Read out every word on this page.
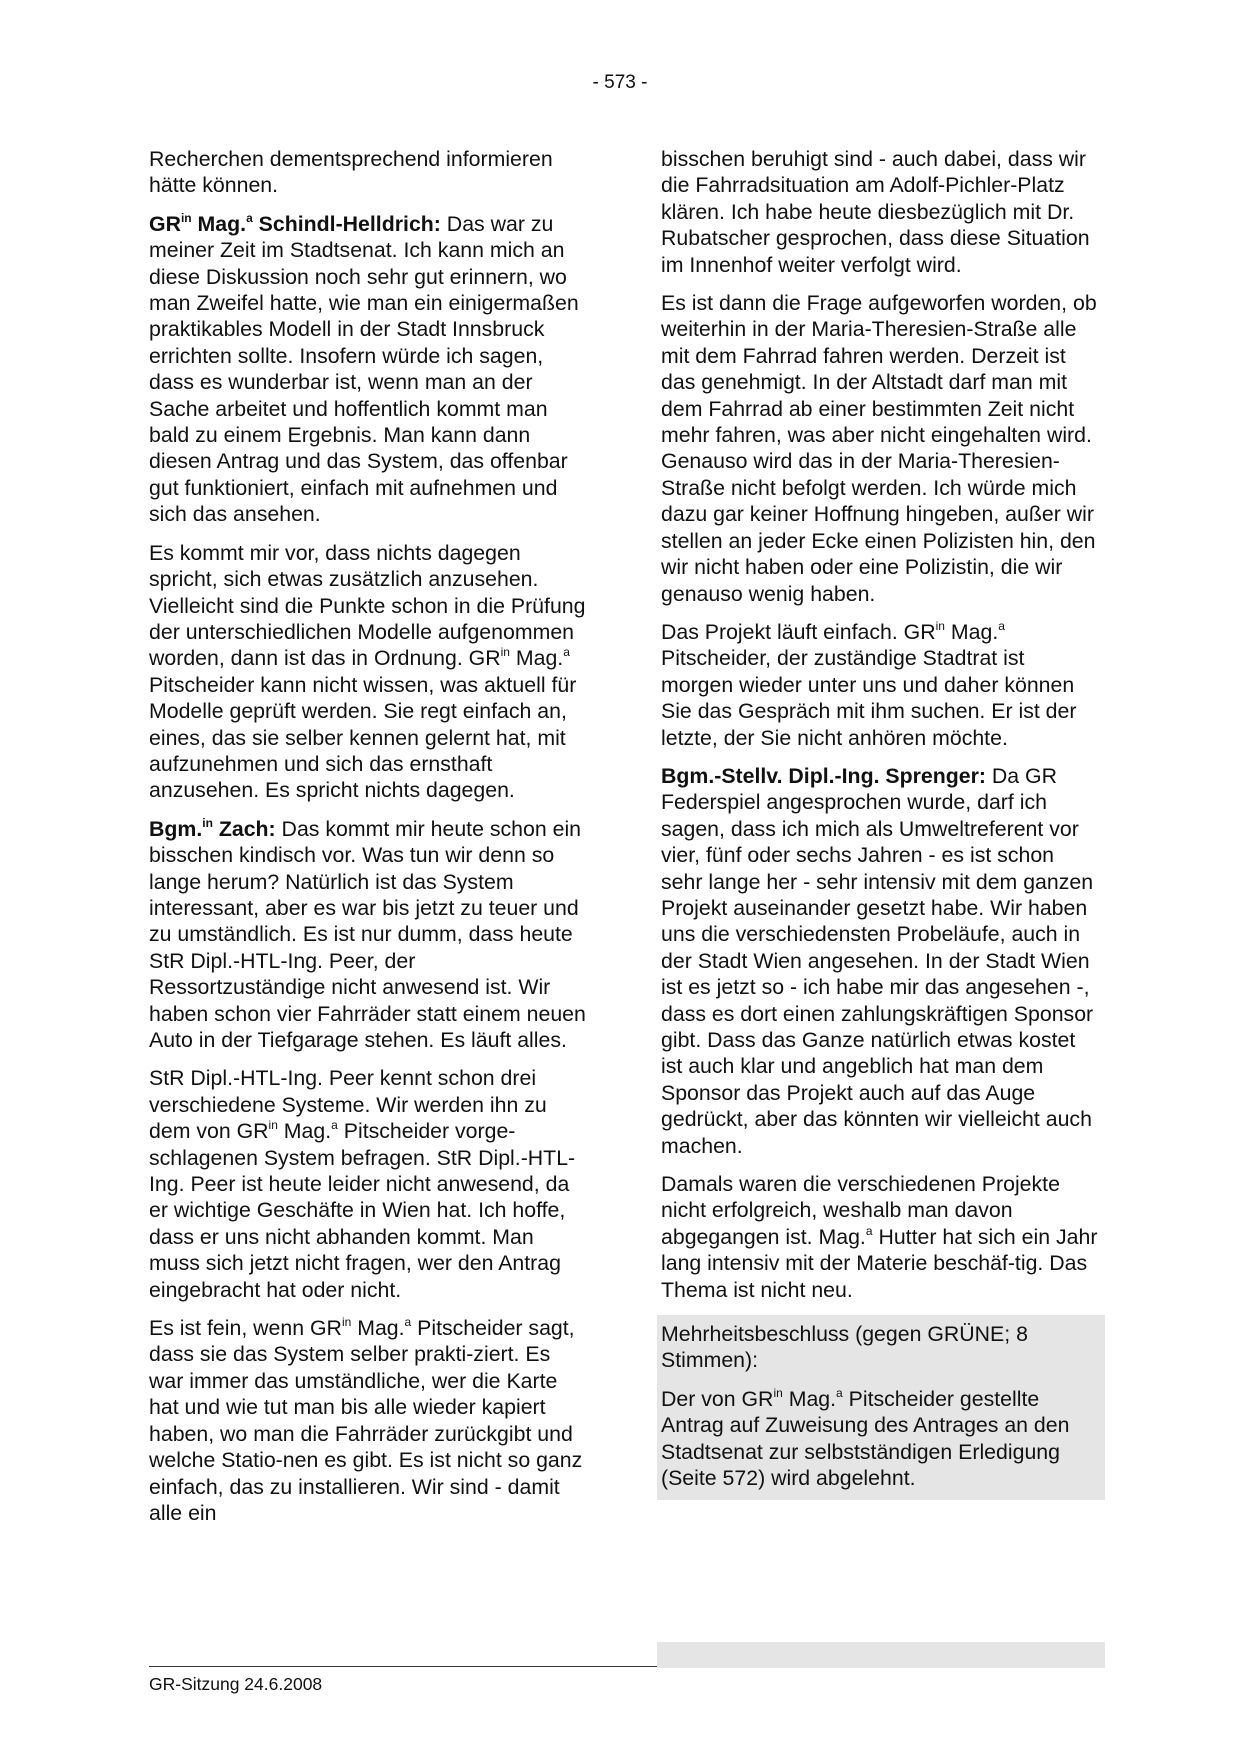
- 573 -

Recherchen dementsprechend informieren hätte können.

$GR^{in}$ Mag.$^a$ Schindl-Helldrich: Das war zu meiner Zeit im Stadtsenat. Ich kann mich an diese Diskussion noch sehr gut erinnern, wo man Zweifel hatte, wie man ein einigermaßen praktikables Modell in der Stadt Innsbruck errichten sollte. Insofern würde ich sagen, dass es wunderbar ist, wenn man an der Sache arbeitet und hoffentlich kommt man bald zu einem Ergebnis. Man kann dann diesen Antrag und das System, das offenbar gut funktioniert, einfach mit aufnehmen und sich das ansehen.

Es kommt mir vor, dass nichts dagegen spricht, sich etwas zusätzlich anzusehen. Vielleicht sind die Punkte schon in die Prüfung der unterschiedlichen Modelle aufgenommen worden, dann ist das in Ordnung. $GR^{in}$ Mag.$^a$ Pitscheider kann nicht wissen, was aktuell für Modelle geprüft werden. Sie regt einfach an, eines, das sie selber kennen gelernt hat, mit aufzunehmen und sich das ernsthaft anzusehen. Es spricht nichts dagegen.

Bgm.$^{in}$ Zach: Das kommt mir heute schon ein bisschen kindisch vor. Was tun wir denn so lange herum? Natürlich ist das System interessant, aber es war bis jetzt zu teuer und zu umständlich. Es ist nur dumm, dass heute StR Dipl.-HTL-Ing. Peer, der Ressortzuständige nicht anwesend ist. Wir haben schon vier Fahrräder statt einem neuen Auto in der Tiefgarage stehen. Es läuft alles.

StR Dipl.-HTL-Ing. Peer kennt schon drei verschiedene Systeme. Wir werden ihn zu dem von $GR^{in}$ Mag.$^a$ Pitscheider vorge-schlagenen System befragen. StR Dipl.-HTL-Ing. Peer ist heute leider nicht anwesend, da er wichtige Geschäfte in Wien hat. Ich hoffe, dass er uns nicht abhanden kommt. Man muss sich jetzt nicht fragen, wer den Antrag eingebracht hat oder nicht.

Es ist fein, wenn $GR^{in}$ Mag.$^a$ Pitscheider sagt, dass sie das System selber prakti-ziert. Es war immer das umständliche, wer die Karte hat und wie tut man bis alle wieder kapiert haben, wo man die Fahrräder zurückgibt und welche Statio-nen es gibt. Es ist nicht so ganz einfach, das zu installieren. Wir sind - damit alle ein

bisschen beruhigt sind - auch dabei, dass wir die Fahrradsituation am Adolf-Pichler-Platz klären. Ich habe heute diesbezüglich mit Dr. Rubatscher gesprochen, dass diese Situation im Innenhof weiter verfolgt wird.

Es ist dann die Frage aufgeworfen worden, ob weiterhin in der Maria-Theresien-Straße alle mit dem Fahrrad fahren werden. Derzeit ist das genehmigt. In der Altstadt darf man mit dem Fahrrad ab einer bestimmten Zeit nicht mehr fahren, was aber nicht eingehalten wird. Genauso wird das in der Maria-Theresien-Straße nicht befolgt werden. Ich würde mich dazu gar keiner Hoffnung hingeben, außer wir stellen an jeder Ecke einen Polizisten hin, den wir nicht haben oder eine Polizistin, die wir genauso wenig haben.

Das Projekt läuft einfach. $GR^{in}$ Mag.$^a$ Pitscheider, der zuständige Stadtrat ist morgen wieder unter uns und daher können Sie das Gespräch mit ihm suchen. Er ist der letzte, der Sie nicht anhören möchte.

Bgm.-Stellv. Dipl.-Ing. Sprenger: Da GR Federspiel angesprochen wurde, darf ich sagen, dass ich mich als Umweltreferent vor vier, fünf oder sechs Jahren - es ist schon sehr lange her - sehr intensiv mit dem ganzen Projekt auseinander gesetzt habe. Wir haben uns die verschiedensten Probeläufe, auch in der Stadt Wien angesehen. In der Stadt Wien ist es jetzt so - ich habe mir das angesehen -, dass es dort einen zahlungskräftigen Sponsor gibt. Dass das Ganze natürlich etwas kostet ist auch klar und angeblich hat man dem Sponsor das Projekt auch auf das Auge gedrückt, aber das könnten wir vielleicht auch machen.

Damals waren die verschiedenen Projekte nicht erfolgreich, weshalb man davon abgegangen ist. Mag.$^a$ Hutter hat sich ein Jahr lang intensiv mit der Materie beschäf-tig. Das Thema ist nicht neu.

Mehrheitsbeschluss (gegen GRÜNE; 8 Stimmen):

Der von $GR^{in}$ Mag.$^a$ Pitscheider gestellte Antrag auf Zuweisung des Antrages an den Stadtsenat zur selbstständigen Erledigung (Seite 572) wird abgelehnt.

GR-Sitzung 24.6.2008
